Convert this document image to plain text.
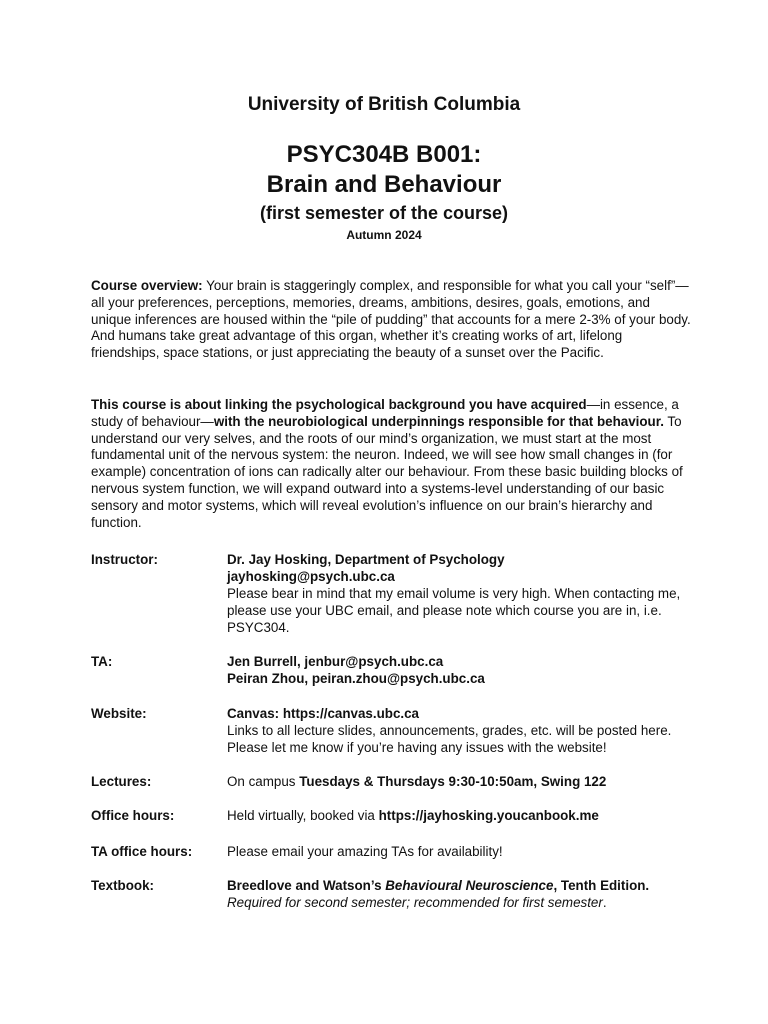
University of British Columbia
PSYC304B B001:
Brain and Behaviour
(first semester of the course)
Autumn 2024

Course overview: Your brain is staggeringly complex, and responsible for what you call your “self”—all your preferences, perceptions, memories, dreams, ambitions, desires, goals, emotions, and unique inferences are housed within the “pile of pudding” that accounts for a mere 2-3% of your body. And humans take great advantage of this organ, whether it’s creating works of art, lifelong friendships, space stations, or just appreciating the beauty of a sunset over the Pacific.

This course is about linking the psychological background you have acquired—in essence, a study of behaviour—with the neurobiological underpinnings responsible for that behaviour. To understand our very selves, and the roots of our mind’s organization, we must start at the most fundamental unit of the nervous system: the neuron. Indeed, we will see how small changes in (for example) concentration of ions can radically alter our behaviour. From these basic building blocks of nervous system function, we will expand outward into a systems-level understanding of our basic sensory and motor systems, which will reveal evolution’s influence on our brain’s hierarchy and function.

Instructor:	Dr. Jay Hosking, Department of Psychology
jayhosking@psych.ubc.ca
Please bear in mind that my email volume is very high. When contacting me, please use your UBC email, and please note which course you are in, i.e. PSYC304.
TA:	Jen Burrell, jenbur@psych.ubc.ca
Peiran Zhou, peiran.zhou@psych.ubc.ca
Website:	Canvas: https://canvas.ubc.ca
Links to all lecture slides, announcements, grades, etc. will be posted here. Please let me know if you’re having any issues with the website!
Lectures:	On campus Tuesdays & Thursdays 9:30-10:50am, Swing 122
Office hours:	Held virtually, booked via https://jayhosking.youcanbook.me
TA office hours:	Please email your amazing TAs for availability!
Textbook:	Breedlove and Watson’s Behavioural Neuroscience, Tenth Edition.
Required for second semester; recommended for first semester.
